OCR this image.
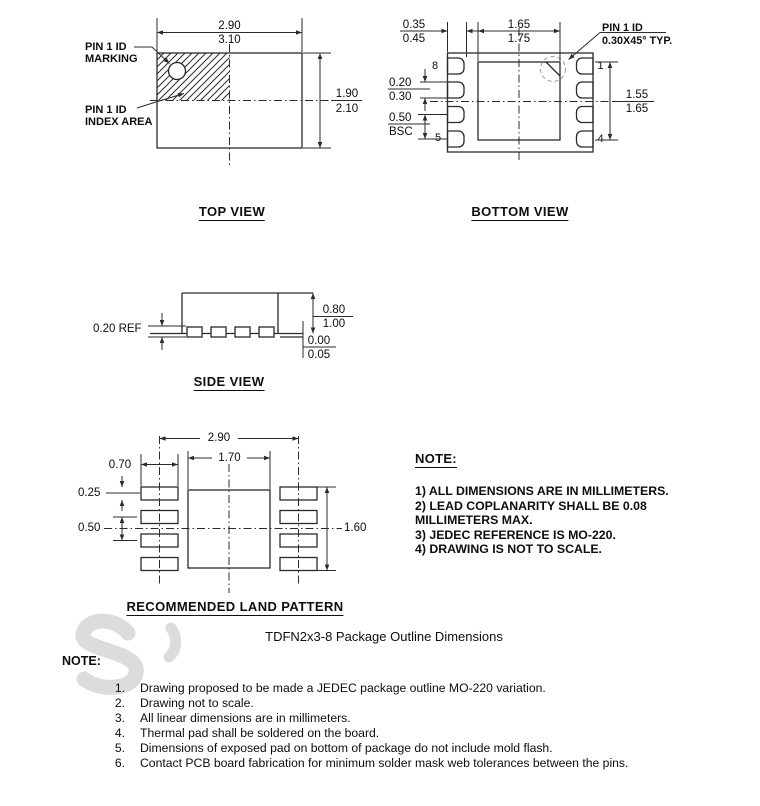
2.90
3.10
1.90
2.10
PIN 1 ID
MARKING
PIN 1 ID
INDEX AREA
TOP VIEW
0.35
0.45
1.65
1.75
PIN 1 ID
0.30X45° TYP.
0.20
0.30
0.50
BSC
1.55
1.65
8
5
1
4
BOTTOM VIEW
0.80
1.00
0.00
0.05
0.20 REF
SIDE VIEW
2.90
1.70
0.70
0.25
0.50	1.60
RECOMMENDED LAND PATTERN
NOTE:
1) ALL DIMENSIONS ARE IN MILLIMETERS.
2) LEAD COPLANARITY SHALL BE 0.08
MILLIMETERS MAX.
3) JEDEC REFERENCE IS MO-220.
4) DRAWING IS NOT TO SCALE.
TDFN2x3-8 Package Outline Dimensions
NOTE:
1. Drawing proposed to be made a JEDEC package outline MO-220 variation.
2. Drawing not to scale.
3. All linear dimensions are in millimeters.
4. Thermal pad shall be soldered on the board.
5. Dimensions of exposed pad on bottom of package do not include mold flash.
6. Contact PCB board fabrication for minimum solder mask web tolerances between the pins.
